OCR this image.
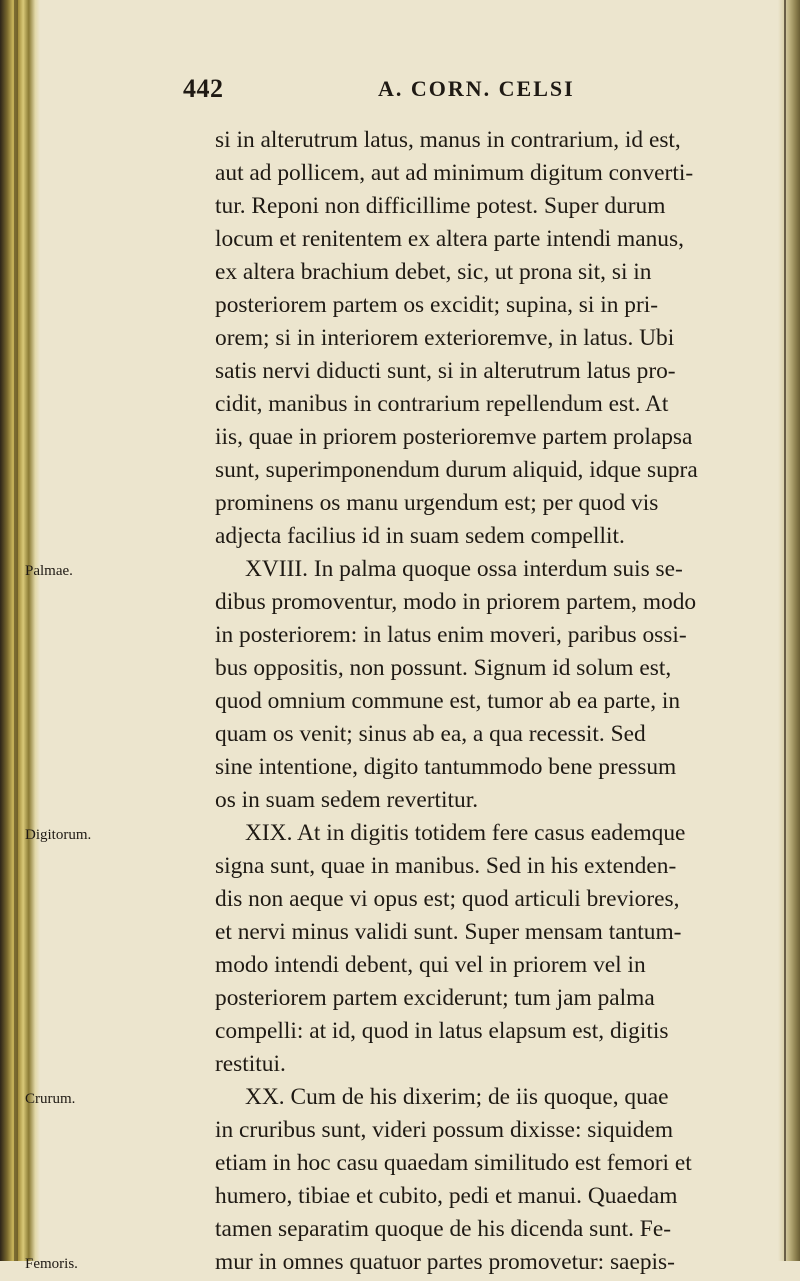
442	A. CORN. CELSI
si in alterutrum latus, manus in contrarium, id est,
aut ad pollicem, aut ad minimum digitum converti-
tur. Reponi non difficillime potest. Super durum
locum et renitentem ex altera parte intendi manus,
ex altera brachium debet, sic, ut prona sit, si in
posteriorem partem os excidit; supina, si in pri-
orem; si in interiorem exterioremve, in latus. Ubi
satis nervi diducti sunt, si in alterutrum latus pro-
cidit, manibus in contrarium repellendum est. At
iis, quae in priorem posterioremve partem prolapsa
sunt, superimponendum durum aliquid, idque supra
prominens os manu urgendum est; per quod vis
adjecta facilius id in suam sedem compellit.
Palmae.	XVIII. In palma quoque ossa interdum suis se-
dibus promoventur, modo in priorem partem, modo
in posteriorem: in latus enim moveri, paribus ossi-
bus oppositis, non possunt. Signum id solum est,
quod omnium commune est, tumor ab ea parte, in
quam os venit; sinus ab ea, a qua recessit. Sed
sine intentione, digito tantummodo bene pressum
os in suam sedem revertitur.
Digitorum.	XIX. At in digitis totidem fere casus eademque
signa sunt, quae in manibus. Sed in his extenden-
dis non aeque vi opus est; quod articuli breviores,
et nervi minus validi sunt. Super mensam tantum-
modo intendi debent, qui vel in priorem vel in
posteriorem partem exciderunt; tum jam palma
compelli: at id, quod in latus elapsum est, digitis
restitui.
Crurum.	XX. Cum de his dixerim; de iis quoque, quae
in cruribus sunt, videri possum dixisse: siquidem
etiam in hoc casu quaedam similitudo est femori et
humero, tibiae et cubito, pedi et manui. Quaedam
tamen separatim quoque de his dicenda sunt. Fe-
Femoris.	mur in omnes quatuor partes promovetur: saepis-
